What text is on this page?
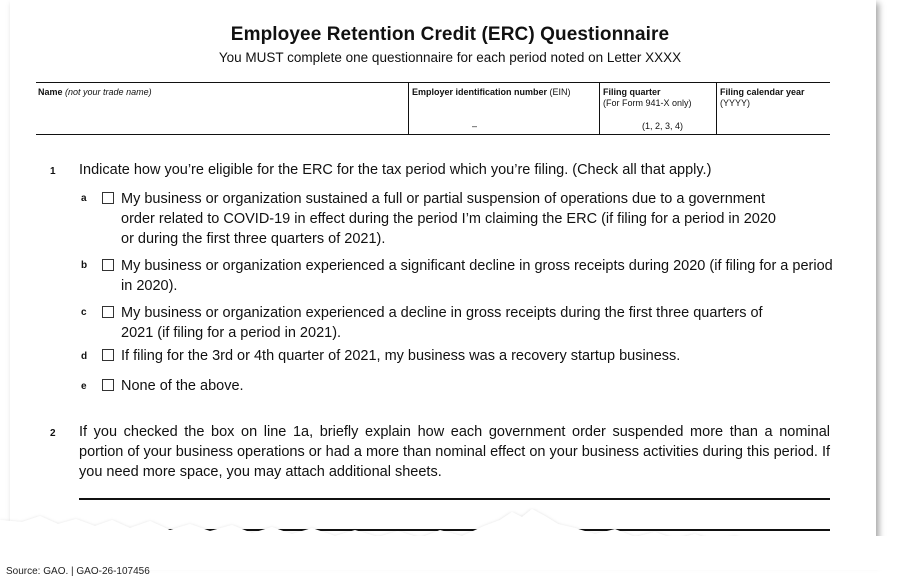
Employee Retention Credit (ERC) Questionnaire
You MUST complete one questionnaire for each period noted on Letter XXXX
Name (not your trade name)	Employer identification number (EIN)
–
Filing quarter
(For Form 941-X only)
(1, 2, 3, 4)
Filing calendar year
(YYYY)
1 Indicate how you’re eligible for the ERC for the tax period which you’re filing. (Check all that apply.)
a My business or organization sustained a full or partial suspension of operations due to a government order related to COVID-19 in effect during the period I’m claiming the ERC (if filing for a period in 2020 or during the first three quarters of 2021).
b My business or organization experienced a significant decline in gross receipts during 2020 (if filing for a period in 2020).
c My business or organization experienced a decline in gross receipts during the first three quarters of 2021 (if filing for a period in 2021).
d If filing for the 3rd or 4th quarter of 2021, my business was a recovery startup business.
e None of the above.
2 If you checked the box on line 1a, briefly explain how each government order suspended more than a nominal portion of your business operations or had a more than nominal effect on your business activities during this period. If you need more space, you may attach additional sheets.
Source: GAO. | GAO-26-107456
